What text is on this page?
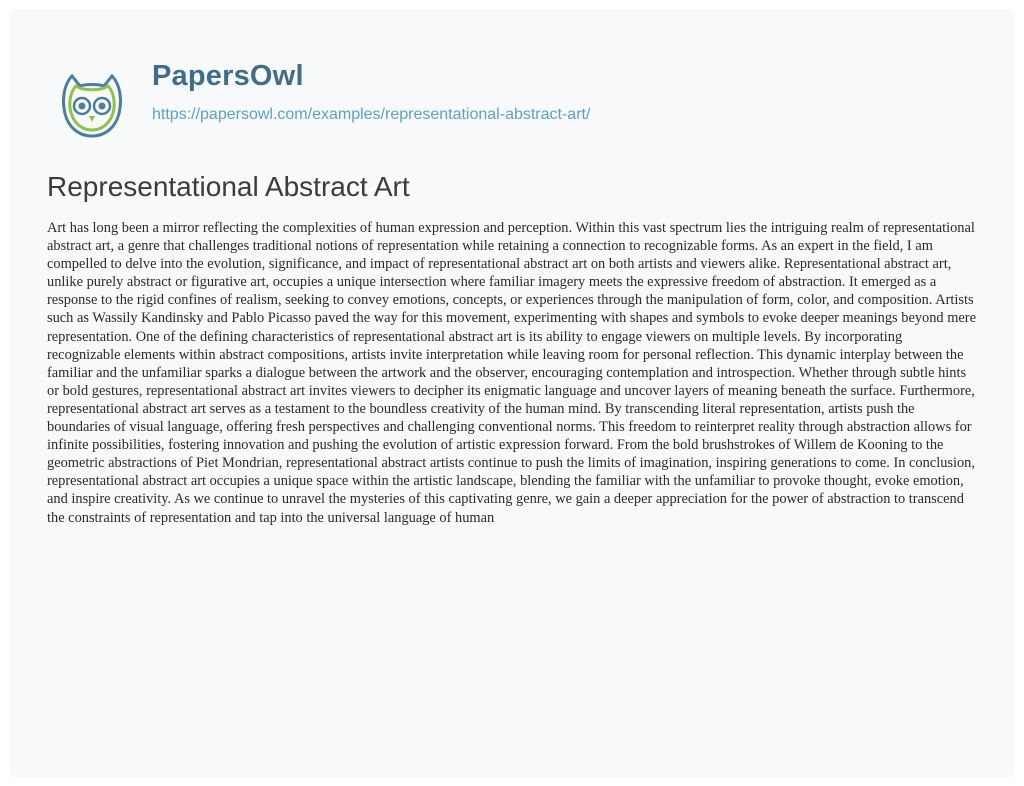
PapersOwl
https://papersowl.com/examples/representational-abstract-art/
Representational Abstract Art

Art has long been a mirror reflecting the complexities of human expression and perception. Within this vast spectrum lies the intriguing realm of representational abstract art, a genre that challenges traditional notions of representation while retaining a connection to recognizable forms. As an expert in the field, I am compelled to delve into the evolution, significance, and impact of representational abstract art on both artists and viewers alike. Representational abstract art, unlike purely abstract or figurative art, occupies a unique intersection where familiar imagery meets the expressive freedom of abstraction. It emerged as a response to the rigid confines of realism, seeking to convey emotions, concepts, or experiences through the manipulation of form, color, and composition. Artists such as Wassily Kandinsky and Pablo Picasso paved the way for this movement, experimenting with shapes and symbols to evoke deeper meanings beyond mere representation. One of the defining characteristics of representational abstract art is its ability to engage viewers on multiple levels. By incorporating recognizable elements within abstract compositions, artists invite interpretation while leaving room for personal reflection. This dynamic interplay between the familiar and the unfamiliar sparks a dialogue between the artwork and the observer, encouraging contemplation and introspection. Whether through subtle hints or bold gestures, representational abstract art invites viewers to decipher its enigmatic language and uncover layers of meaning beneath the surface. Furthermore, representational abstract art serves as a testament to the boundless creativity of the human mind. By transcending literal representation, artists push the boundaries of visual language, offering fresh perspectives and challenging conventional norms. This freedom to reinterpret reality through abstraction allows for infinite possibilities, fostering innovation and pushing the evolution of artistic expression forward. From the bold brushstrokes of Willem de Kooning to the geometric abstractions of Piet Mondrian, representational abstract artists continue to push the limits of imagination, inspiring generations to come. In conclusion, representational abstract art occupies a unique space within the artistic landscape, blending the familiar with the unfamiliar to provoke thought, evoke emotion, and inspire creativity. As we continue to unravel the mysteries of this captivating genre, we gain a deeper appreciation for the power of abstraction to transcend the constraints of representation and tap into the universal language of human
